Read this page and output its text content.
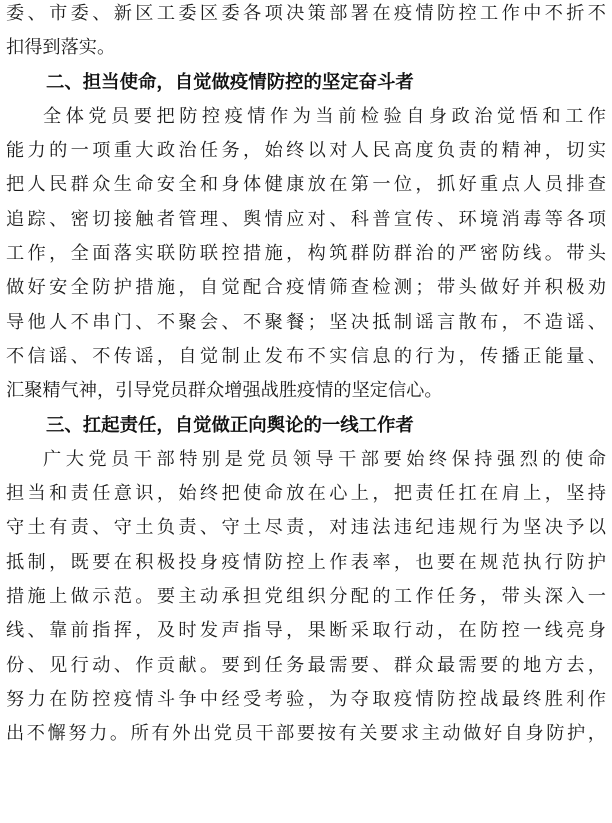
委、市委、新区工委区委各项决策部署在疫情防控工作中不折不
扣得到落实。
二、担当使命，自觉做疫情防控的坚定奋斗者
全体党员要把防控疫情作为当前检验自身政治觉悟和工作
能力的一项重大政治任务，始终以对人民高度负责的精神，切实
把人民群众生命安全和身体健康放在第一位，抓好重点人员排查
追踪、密切接触者管理、舆情应对、科普宣传、环境消毒等各项
工作，全面落实联防联控措施，构筑群防群治的严密防线。带头
做好安全防护措施，自觉配合疫情筛查检测；带头做好并积极劝
导他人不串门、不聚会、不聚餐；坚决抵制谣言散布，不造谣、
不信谣、不传谣，自觉制止发布不实信息的行为，传播正能量、
汇聚精气神，引导党员群众增强战胜疫情的坚定信心。
三、扛起责任，自觉做正向舆论的一线工作者
广大党员干部特别是党员领导干部要始终保持强烈的使命
担当和责任意识，始终把使命放在心上，把责任扛在肩上，坚持
守土有责、守土负责、守土尽责，对违法违纪违规行为坚决予以
抵制，既要在积极投身疫情防控上作表率，也要在规范执行防护
措施上做示范。要主动承担党组织分配的工作任务，带头深入一
线、靠前指挥，及时发声指导，果断采取行动，在防控一线亮身
份、见行动、作贡献。要到任务最需要、群众最需要的地方去，
努力在防控疫情斗争中经受考验，为夺取疫情防控战最终胜利作
出不懈努力。所有外出党员干部要按有关要求主动做好自身防护，
